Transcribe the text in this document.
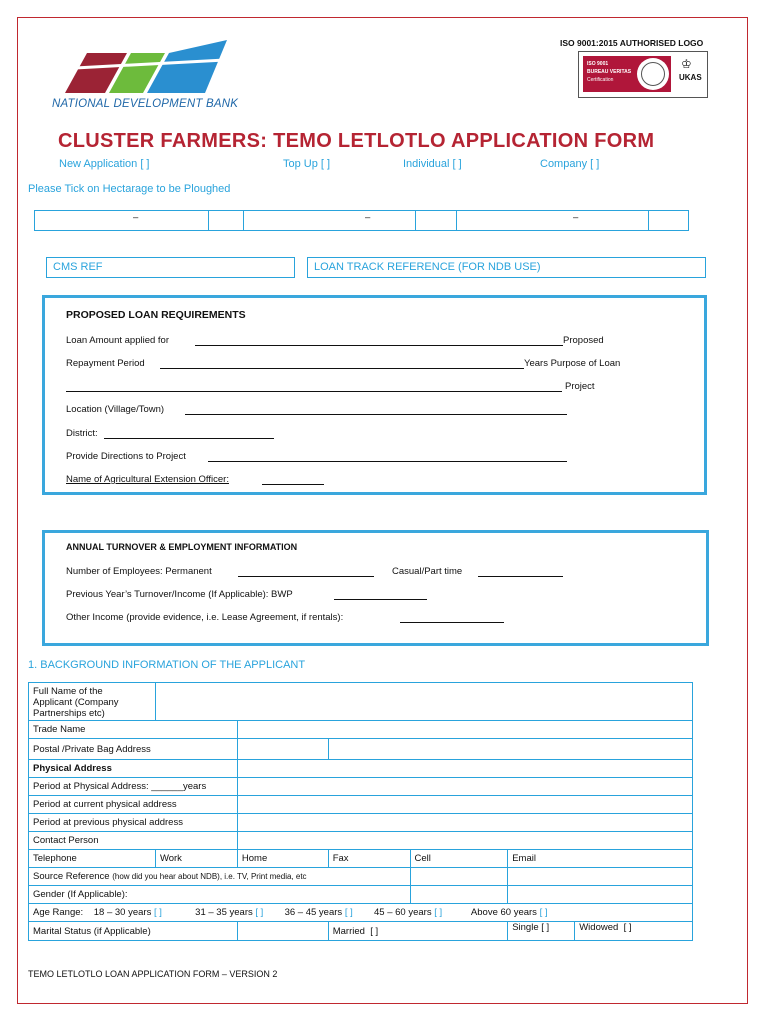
NATIONAL DEVELOPMENT BANK
ISO 9001:2015 AUTHORISED LOGO
ISO 9001
BUREAU VERITAS
Certification
♔
UKAS
CLUSTER FARMERS: TEMO LETLOTLO APPLICATION FORM
New Application [ ]	Top Up [ ]	Individual [ ]	Company [ ]
Please Tick on Hectarage to be Ploughed
–	–	–
CMS REF	LOAN TRACK REFERENCE (FOR NDB USE)
PROPOSED LOAN REQUIREMENTS
Loan Amount applied for	Proposed
Repayment Period	Years Purpose of Loan
Project
Location (Village/Town)
District:
Provide Directions to Project
Name of Agricultural Extension Officer:
ANNUAL TURNOVER & EMPLOYMENT INFORMATION
Number of Employees: Permanent	Casual/Part time
Previous Year’s Turnover/Income (If Applicable): BWP
Other Income (provide evidence, i.e. Lease Agreement, if rentals):
1. BACKGROUND INFORMATION OF THE APPLICANT
Full Name of the
Applicant (Company
Partnerships etc)					

Trade Name					
Postal /Private Bag Address					
Physical Address					
Period at Physical Address: ______years					
Period at current physical address					
Period at previous physical address					
Contact Person					
Telephone	Work	Home	Fax	Cell	Email
Source Reference (how did you hear about NDB), i.e. TV, Print media, etc					
Gender (If Applicable):					
Age Range: 18 – 30 years [ ] 31 – 35 years [ ] 36 – 45 years [ ] 45 – 60 years [ ] Above 60 years [ ]					
Marital Status (if Applicable)			Married [ ]		Single [ ] Widowed [ ]
TEMO LETLOTLO LOAN APPLICATION FORM – VERSION 2
